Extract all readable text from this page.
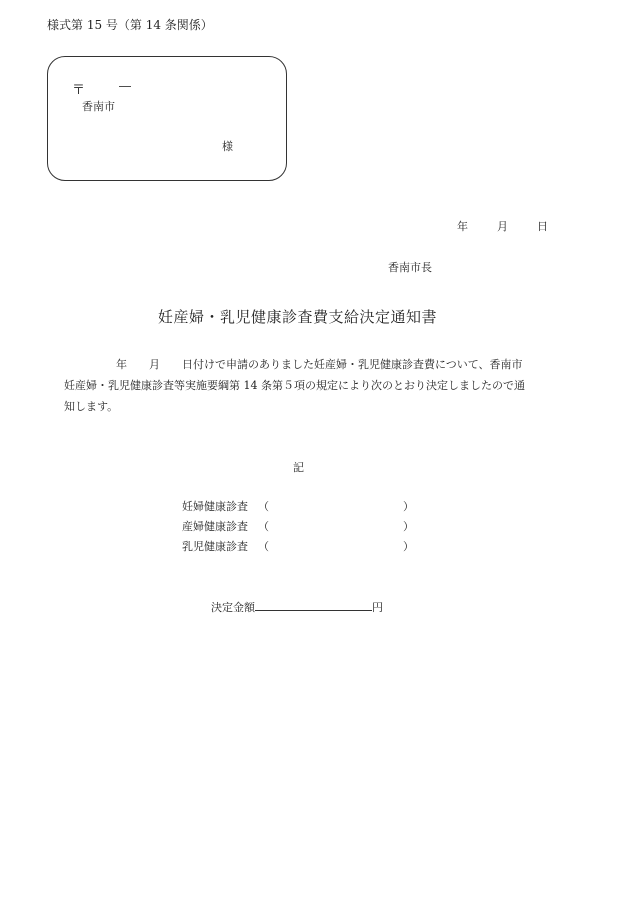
様式第 15 号（第 14 条関係）
〒	―
香南市
様
年	月	日
香南市長
妊産婦・乳児健康診査費支給決定通知書
年　　月　　日付けで申請のありました妊産婦・乳児健康診査費について、香南市
妊産婦・乳児健康診査等実施要綱第 14 条第５項の規定により次のとおり決定しましたので通
知します。
記
妊婦健康診査 （	）
産婦健康診査 （	）
乳児健康診査 （	）
決定金額	円
